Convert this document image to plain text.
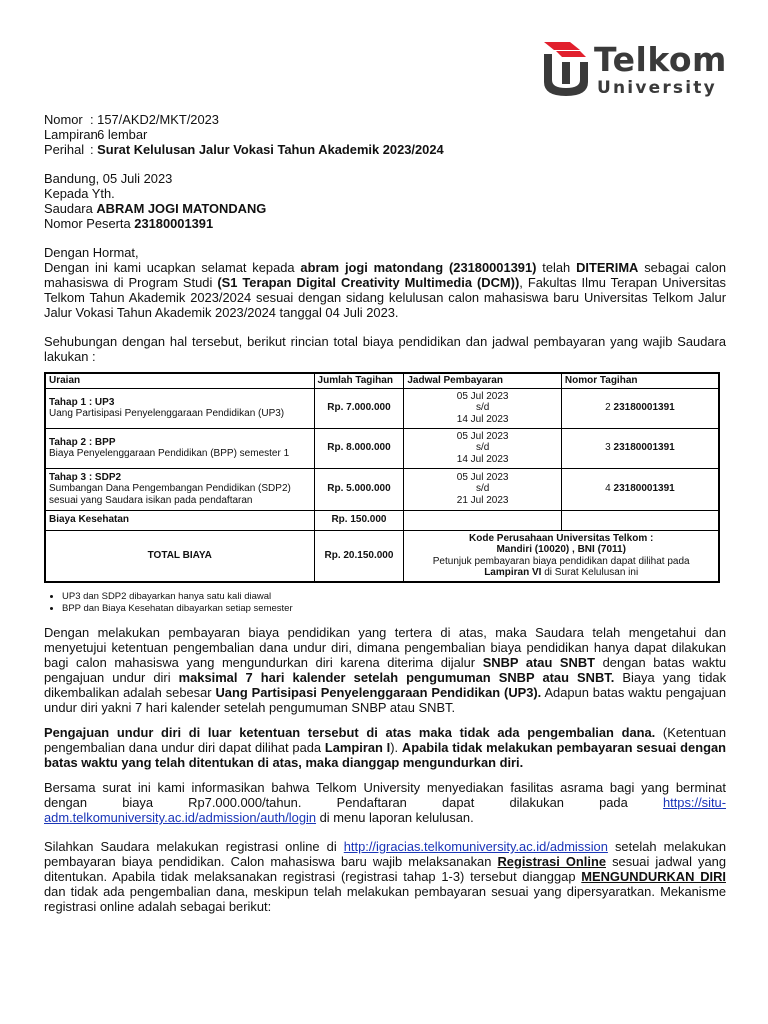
Telkom
University
Nomor : 157/AKD2/MKT/2023
Lampiran
: 6 lembar
Perihal : Surat Kelulusan Jalur Vokasi Tahun Akademik 2023/2024
Bandung, 05 Juli 2023
Kepada Yth.
Saudara ABRAM JOGI MATONDANG
Nomor Peserta 23180001391
Dengan Hormat,

Dengan ini kami ucapkan selamat kepada abram jogi matondang (23180001391) telah DITERIMA sebagai calon mahasiswa di Program Studi (S1 Terapan Digital Creativity Multimedia (DCM)), Fakultas Ilmu Terapan Universitas Telkom Tahun Akademik 2023/2024 sesuai dengan sidang kelulusan calon mahasiswa baru Universitas Telkom Jalur Jalur Vokasi Tahun Akademik 2023/2024 tanggal 04 Juli 2023.

Sehubungan dengan hal tersebut, berikut rincian total biaya pendidikan dan jadwal pembayaran yang wajib Saudara lakukan :

Uraian	Jumlah Tagihan	Jadwal Pembayaran	Nomor Tagihan
Tahap 1 : UP3
Uang Partisipasi Penyelenggaraan Pendidikan (UP3)	Rp. 7.000.000	05 Jul 2023
s/d
14 Jul 2023	2 23180001391
Tahap 2 : BPP
Biaya Penyelenggaraan Pendidikan (BPP) semester 1	Rp. 8.000.000	05 Jul 2023
s/d
14 Jul 2023	3 23180001391
Tahap 3 : SDP2
Sumbangan Dana Pengembangan Pendidikan (SDP2) sesuai yang Saudara isikan pada pendaftaran	Rp. 5.000.000	05 Jul 2023
s/d
21 Jul 2023	4 23180001391
Biaya Kesehatan	Rp. 150.000		
TOTAL BIAYA	Rp. 20.150.000	Kode Perusahaan Universitas Telkom :
Mandiri (10020) , BNI (7011)
Petunjuk pembayaran biaya pendidikan dapat dilihat pada
Lampiran VI di Surat Kelulusan ini	
• UP3 dan SDP2 dibayarkan hanya satu kali diawal
• BPP dan Biaya Kesehatan dibayarkan setiap semester

Dengan melakukan pembayaran biaya pendidikan yang tertera di atas, maka Saudara telah mengetahui dan menyetujui ketentuan pengembalian dana undur diri, dimana pengembalian biaya pendidikan hanya dapat dilakukan bagi calon mahasiswa yang mengundurkan diri karena diterima dijalur SNBP atau SNBT dengan batas waktu pengajuan undur diri maksimal 7 hari kalender setelah pengumuman SNBP atau SNBT. Biaya yang tidak dikembalikan adalah sebesar Uang Partisipasi Penyelenggaraan Pendidikan (UP3). Adapun batas waktu pengajuan undur diri yakni 7 hari kalender setelah pengumuman SNBP atau SNBT.

Pengajuan undur diri di luar ketentuan tersebut di atas maka tidak ada pengembalian dana. (Ketentuan pengembalian dana undur diri dapat dilihat pada Lampiran I). Apabila tidak melakukan pembayaran sesuai dengan batas waktu yang telah ditentukan di atas, maka dianggap mengundurkan diri.

Bersama surat ini kami informasikan bahwa Telkom University menyediakan fasilitas asrama bagi yang berminat dengan biaya Rp7.000.000/tahun. Pendaftaran dapat dilakukan pada https://situ-adm.telkomuniversity.ac.id/admission/auth/login di menu laporan kelulusan.

Silahkan Saudara melakukan registrasi online di http://igracias.telkomuniversity.ac.id/admission setelah melakukan pembayaran biaya pendidikan. Calon mahasiswa baru wajib melaksanakan Registrasi Online sesuai jadwal yang ditentukan. Apabila tidak melaksanakan registrasi (registrasi tahap 1-3) tersebut dianggap MENGUNDURKAN DIRI dan tidak ada pengembalian dana, meskipun telah melakukan pembayaran sesuai yang dipersyaratkan. Mekanisme registrasi online adalah sebagai berikut:
